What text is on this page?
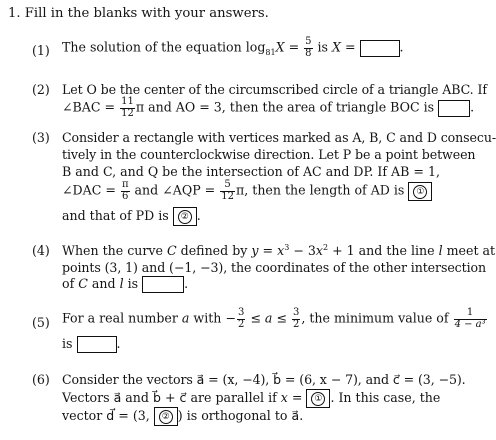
1. Fill in the blanks with your answers.
(1) The solution of the equation $\log_{81}X = \frac{5}{8}$ is X =	.
(2) Let O be the center of the circumscribed circle of a triangle ABC. If
∠BAC = $\frac{11}{12}$ π and AO = 3, then the area of triangle BOC is	.
(3) Consider a rectangle with vertices marked as A, B, C and D consecu-
tively in the counterclockwise direction. Let P be a point between
B and C, and Q be the intersection of AC and DP. If AB = 1,
∠DAC = $\frac{\pi}{6}$ and ∠AQP = $\frac{5}{12} \pi$, then the length of AD is ①
and that of PD is ② .
(4) When the curve C defined by $y = x^3 - 3x^2 + 1$ and the line l meet at
points (3, 1) and (−1, −3), the coordinates of the other intersection
of C and l is	.
(5) For a real number a with − $\frac{3}{2} \le a \le \frac{3}{2}$ , the minimum value of $\frac{1}{\text{4 − a³}}$
is	.
(6) Consider the vectors a⃗ = (x, −4), b⃗ = (6, x − 7), and c⃗ = (3, −5).
Vectors a⃗ and b⃗ + c⃗ are parallel if x = ① . In this case, the
vector d⃗ = (3, ② ) is orthogonal to a⃗.
